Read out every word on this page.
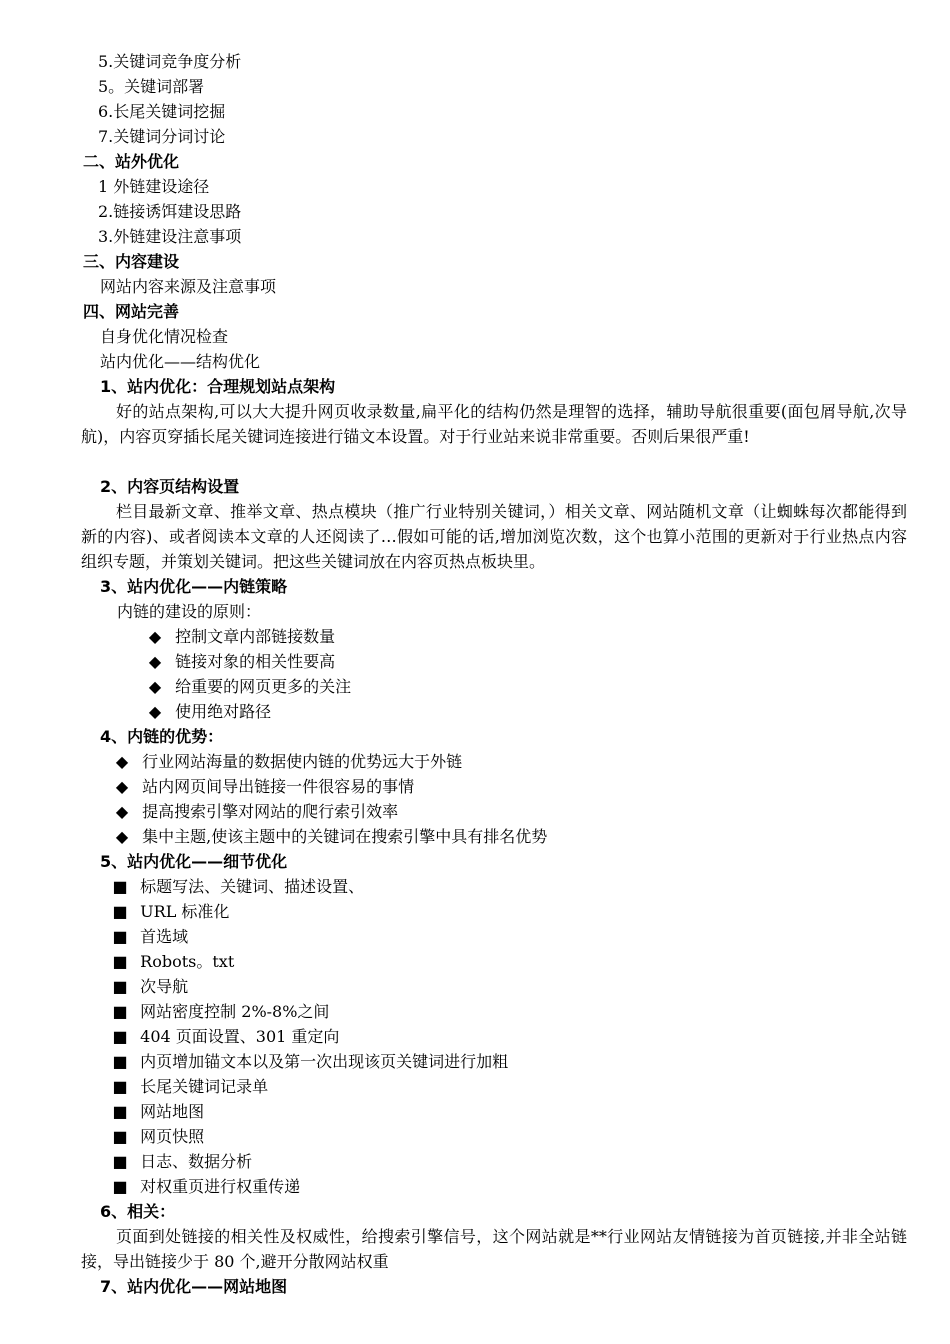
5.关键词竞争度分析
5。关键词部署
6.长尾关键词挖掘
7.关键词分词讨论
二、站外优化
1 外链建设途径
2.链接诱饵建设思路
3.外链建设注意事项
三、内容建设
网站内容来源及注意事项
四、网站完善
自身优化情况检查
站内优化——结构优化
1、站内优化：合理规划站点架构
好的站点架构,可以大大提升网页收录数量,扁平化的结构仍然是理智的选择，辅助导航很重要(面包屑导航,次导航)，内容页穿插长尾关键词连接进行锚文本设置。对于行业站来说非常重要。否则后果很严重!
2、内容页结构设置
栏目最新文章、推举文章、热点模块（推广行业特别关键词，）相关文章、网站随机文章（让蜘蛛每次都能得到新的内容)、或者阅读本文章的人还阅读了…假如可能的话,增加浏览次数，这个也算小范围的更新对于行业热点内容组织专题，并策划关键词。把这些关键词放在内容页热点板块里。
3、站内优化——内链策略
内链的建设的原则：
◆ 控制文章内部链接数量
◆ 链接对象的相关性要高
◆ 给重要的网页更多的关注
◆ 使用绝对路径
4、内链的优势：
◆ 行业网站海量的数据使内链的优势远大于外链
◆ 站内网页间导出链接一件很容易的事情
◆ 提高搜索引擎对网站的爬行索引效率
◆ 集中主题,使该主题中的关键词在搜索引擎中具有排名优势
5、站内优化——细节优化
■ 标题写法、关键词、描述设置、
■ URL 标准化
■ 首选域
■ Robots。txt
■ 次导航
■ 网站密度控制 2%-8%之间
■ 404 页面设置、301 重定向
■ 内页增加锚文本以及第一次出现该页关键词进行加粗
■ 长尾关键词记录单
■ 网站地图
■ 网页快照
■ 日志、数据分析
■ 对权重页进行权重传递
6、相关：
页面到处链接的相关性及权威性，给搜索引擎信号，这个网站就是**行业网站友情链接为首页链接,并非全站链接，导出链接少于 80 个,避开分散网站权重
7、站内优化——网站地图
